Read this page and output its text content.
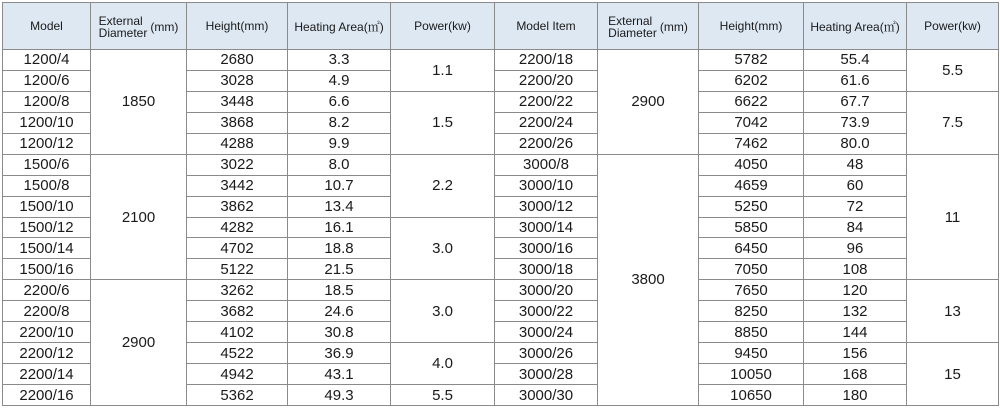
Model	External
Diameter (mm)	Height(mm)	Heating Area(㎡)	Power(kw)	Model Item	External
Diameter (mm)	Height(mm)	Heating Area(㎡)	Power(kw)
1200/4	1850	2680	3.3	1.1	2200/18	2900	5782	55.4	5.5
1200/6		3028	4.9		2200/20		6202	61.6	
1200/8		3448	6.6	1.5	2200/22		6622	67.7	7.5
1200/10		3868	8.2		2200/24		7042	73.9	
1200/12		4288	9.9		2200/26		7462	80.0	
1500/6	2100	3022	8.0	2.2	3000/8	3800	4050	48	11
1500/8		3442	10.7		3000/10		4659	60	
1500/10		3862	13.4		3000/12		5250	72	
1500/12		4282	16.1	3.0	3000/14		5850	84	
1500/14		4702	18.8		3000/16		6450	96	
1500/16		5122	21.5		3000/18		7050	108	
2200/6	2900	3262	18.5	3.0	3000/20		7650	120	13
2200/8		3682	24.6		3000/22		8250	132	
2200/10		4102	30.8		3000/24		8850	144	
2200/12		4522	36.9	4.0	3000/26		9450	156	15
2200/14		4942	43.1		3000/28		10050	168	
2200/16		5362	49.3	5.5	3000/30		10650	180	
